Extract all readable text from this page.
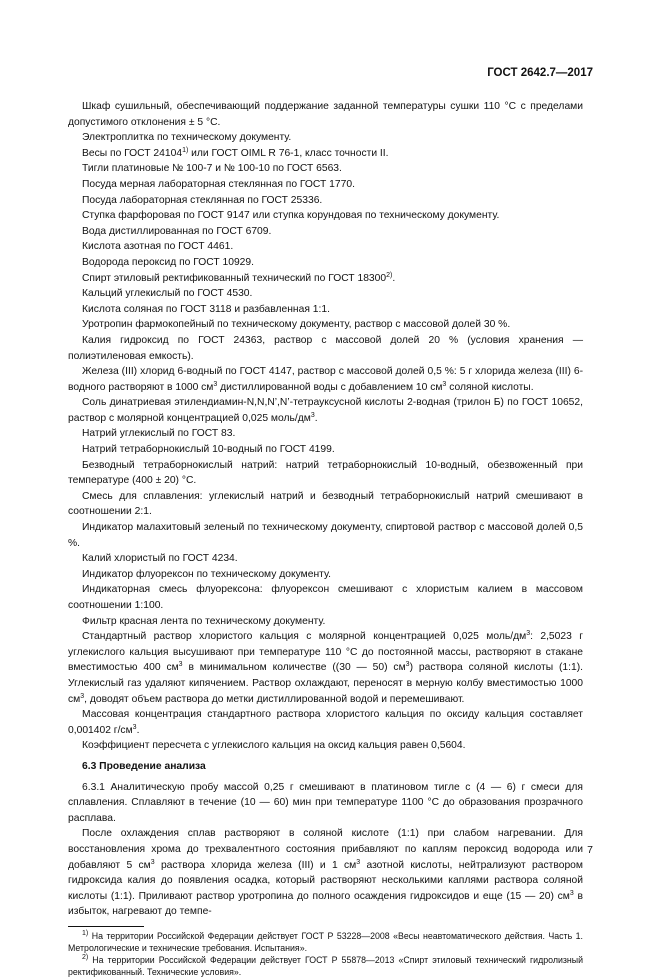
ГОСТ 2642.7—2017
Шкаф сушильный, обеспечивающий поддержание заданной температуры сушки 110 °С с пределами допустимого отклонения ± 5 °С.
Электроплитка по техническому документу.
Весы по ГОСТ 24104$^{1)}$ или ГОСТ OIML R 76-1, класс точности II.
Тигли платиновые № 100-7 и № 100-10 по ГОСТ 6563.
Посуда мерная лабораторная стеклянная по ГОСТ 1770.
Посуда лабораторная стеклянная по ГОСТ 25336.
Ступка фарфоровая по ГОСТ 9147 или ступка корундовая по техническому документу.
Вода дистиллированная по ГОСТ 6709.
Кислота азотная по ГОСТ 4461.
Водорода пероксид по ГОСТ 10929.
Спирт этиловый ректификованный технический по ГОСТ 18300$^{2)}$.
Кальций углекислый по ГОСТ 4530.
Кислота соляная по ГОСТ 3118 и разбавленная 1:1.
Уротропин фармокопейный по техническому документу, раствор с массовой долей 30 %.
Калия гидроксид по ГОСТ 24363, раствор с массовой долей 20 % (условия хранения — полиэтиленовая емкость).
Железа (III) хлорид 6-водный по ГОСТ 4147, раствор с массовой долей 0,5 %: 5 г хлорида железа (III) 6-водного растворяют в 1000 $см^3$ дистиллированной воды с добавлением 10 $см^3$ соляной кислоты.
Соль динатриевая этилендиамин-N,N,N’,N’-тетрауксусной кислоты 2-водная (трилон Б) по ГОСТ 10652, раствор с молярной концентрацией 0,025 моль/$дм^3$.
Натрий углекислый по ГОСТ 83.
Натрий тетраборнокислый 10-водный по ГОСТ 4199.
Безводный тетраборнокислый натрий: натрий тетраборнокислый 10-водный, обезвоженный при температуре (400 ± 20) °С.
Смесь для сплавления: углекислый натрий и безводный тетраборнокислый натрий смешивают в соотношении 2:1.
Индикатор малахитовый зеленый по техническому документу, спиртовой раствор с массовой долей 0,5 %.
Калий хлористый по ГОСТ 4234.
Индикатор флуорексон по техническому документу.
Индикаторная смесь флуорексона: флуорексон смешивают с хлористым калием в массовом соотношении 1:100.
Фильтр красная лента по техническому документу.
Стандартный раствор хлористого кальция с молярной концентрацией 0,025 моль/$дм^3$: 2,5023 г углекислого кальция высушивают при температуре 110 °С до постоянной массы, растворяют в стакане вместимостью 400 $см^3$ в минимальном количестве ((30 — 50) $см^3$) раствора соляной кислоты (1:1). Углекислый газ удаляют кипячением. Раствор охлаждают, переносят в мерную колбу вместимостью 1000 $см^3$, доводят объем раствора до метки дистиллированной водой и перемешивают.
Массовая концентрация стандартного раствора хлористого кальция по оксиду кальция составляет 0,001402 $г/см^3$.
Коэффициент пересчета с углекислого кальция на оксид кальция равен 0,5604.
6.3 Проведение анализа
6.3.1 Аналитическую пробу массой 0,25 г смешивают в платиновом тигле с (4 — 6) г смеси для сплавления. Сплавляют в течение (10 — 60) мин при температуре 1100 °С до образования прозрачного расплава.
После охлаждения сплав растворяют в соляной кислоте (1:1) при слабом нагревании. Для восстановления хрома до трехвалентного состояния прибавляют по каплям пероксид водорода или добавляют 5 $см^3$ раствора хлорида железа (III) и 1 $см^3$ азотной кислоты, нейтрализуют раствором гидроксида калия до появления осадка, который растворяют несколькими каплями раствора соляной кислоты (1:1). Приливают раствор уротропина до полного осаждения гидроксидов и еще (15 — 20) $см^3$ в избыток, нагревают до темпе-
$^{1)}$ На территории Российской Федерации действует ГОСТ Р 53228—2008 «Весы неавтоматического действия. Часть 1. Метрологические и технические требования. Испытания».
$^{2)}$ На территории Российской Федерации действует ГОСТ Р 55878—2013 «Спирт этиловый технический гидролизный ректификованный. Технические условия».
7
